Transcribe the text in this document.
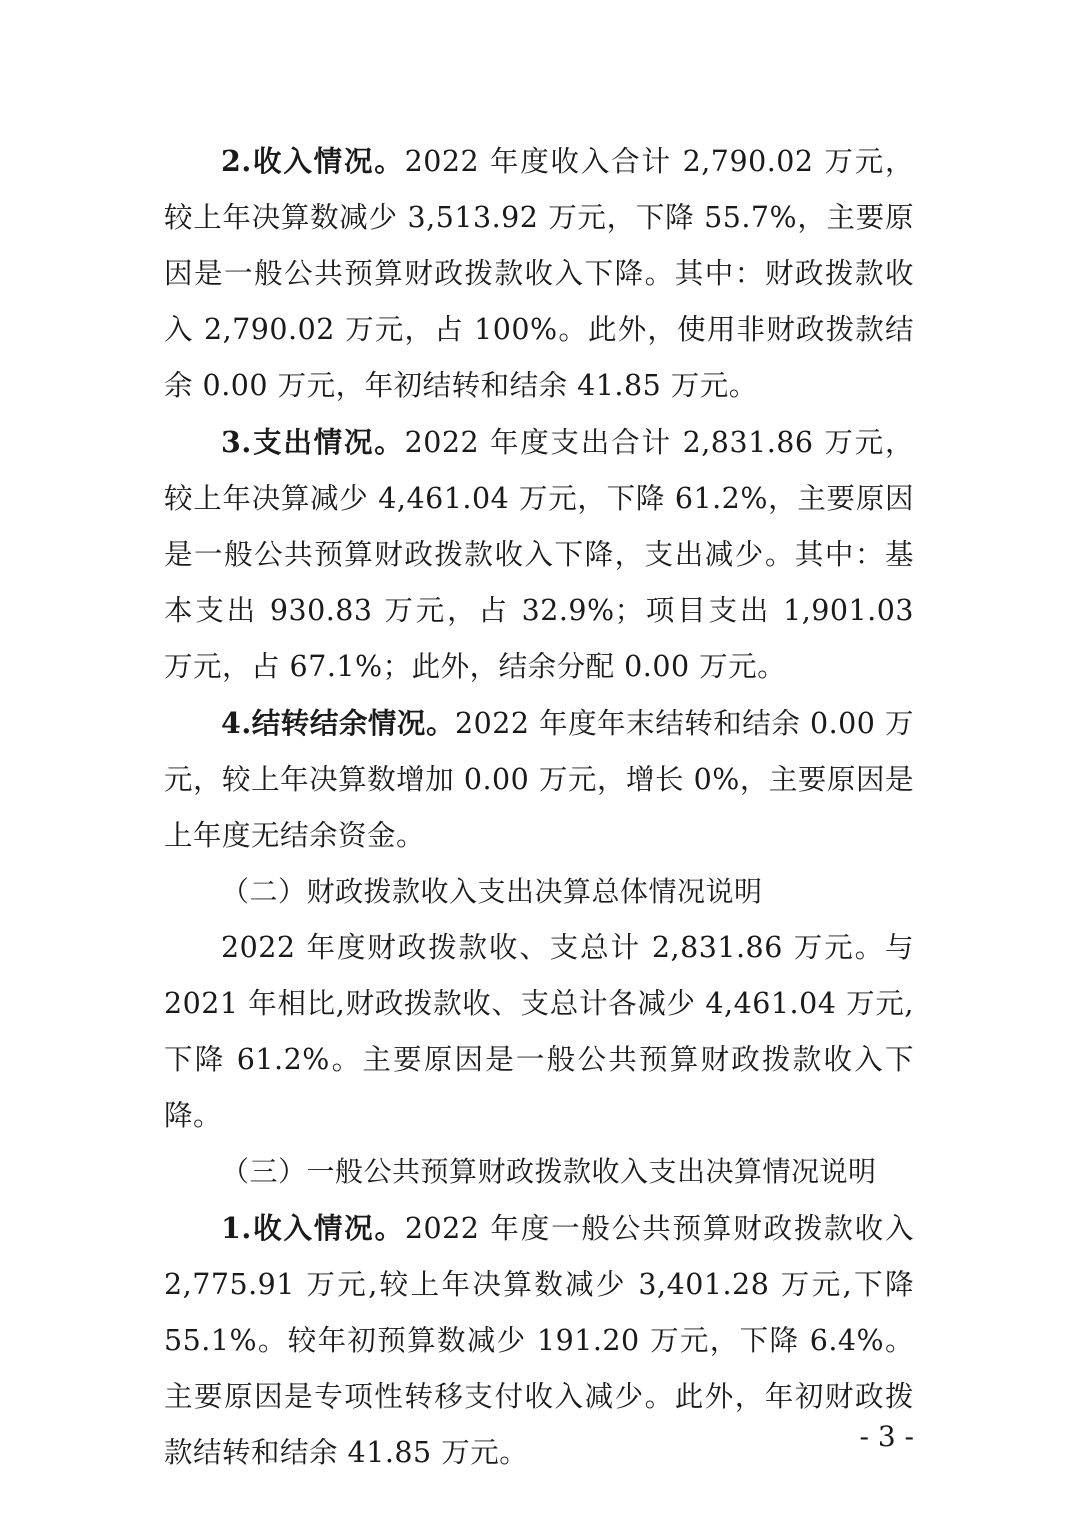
2.收入情况。2022 年度收入合计 2,790.02 万元，较上年决算数减少 3,513.92 万元，下降 55.7%，主要原因是一般公共预算财政拨款收入下降。其中：财政拨款收入 2,790.02 万元，占 100%。此外，使用非财政拨款结余 0.00 万元，年初结转和结余 41.85 万元。

3.支出情况。2022 年度支出合计 2,831.86 万元，较上年决算减少 4,461.04 万元，下降 61.2%，主要原因是一般公共预算财政拨款收入下降，支出减少。其中：基本支出 930.83 万元，占 32.9%；项目支出 1,901.03 万元，占 67.1%；此外，结余分配 0.00 万元。

4.结转结余情况。2022 年度年末结转和结余 0.00 万元，较上年决算数增加 0.00 万元，增长 0%，主要原因是上年度无结余资金。

（二）财政拨款收入支出决算总体情况说明

2022 年度财政拨款收、支总计 2,831.86 万元。与 2021 年相比,财政拨款收、支总计各减少 4,461.04 万元,下降 61.2%。主要原因是一般公共预算财政拨款收入下降。

（三）一般公共预算财政拨款收入支出决算情况说明

1.收入情况。2022 年度一般公共预算财政拨款收入 2,775.91 万元,较上年决算数减少 3,401.28 万元,下降 55.1%。较年初预算数减少 191.20 万元，下降 6.4%。主要原因是专项性转移支付收入减少。此外，年初财政拨款结转和结余 41.85 万元。	- 3 -
